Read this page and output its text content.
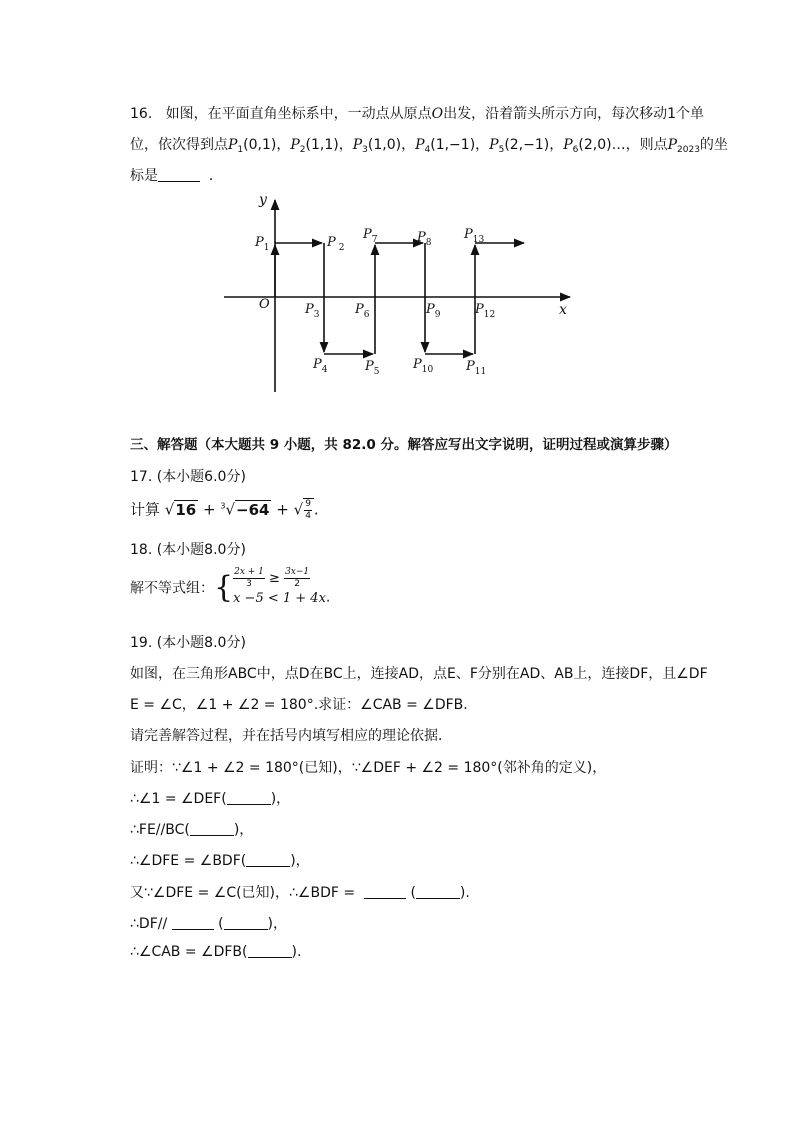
16. 如图，在平面直角坐标系中，一动点从原点O出发，沿着箭头所示方向，每次移动1个单
位，依次得到点$P_1(0,1)$，$P_2(1,1)$，$P_3(1,0)$，$P_4(1,-1)$，$P_5(2,-1)$，$P_6(2,0)\dots$，则点$P_{2023}$的坐
标是	．
y
x
O
$P_1$	P $_2$
$P_3$
$P_4$	$P_5$
$P_6$
$P_7$	$P_8$
$P_9$
$P_{10}$	$P_{11}$
$P_{12}$
$P_{13}$
三、解答题（本大题共 9 小题，共 82.0 分。解答应写出文字说明，证明过程或演算步骤）
17. (本小题6.0分)
计算 √16 + $^3$√−64 + √ $\frac{9}{4}$ .
18. (本小题8.0分)
解不等式组：{ $\frac{2x + 1}{3} \ge \frac{3x-1}{2}$
x −5 < 1 + 4x .
19. (本小题8.0分)
如图，在三角形ABC中，点D在BC上，连接AD，点E、F分别在AD、AB上，连接DF，且∠DF
E = ∠C，∠1 + ∠2 = 180°.求证：∠CAB = ∠DFB.
请完善解答过程，并在括号内填写相应的理论依据．
证明：∵∠1 + ∠2 = 180°(已知)，∵∠DEF + ∠2 = 180°(邻补角的定义)，
∴∠1 = ∠DEF(	)，
∴FE//BC(	)，
∴∠DFE = ∠BDF(	)，
又∵∠DFE = ∠C(已知)，∴∠BDF =	(	).
∴DF//	(	)，
∴∠CAB = ∠DFB(	).
